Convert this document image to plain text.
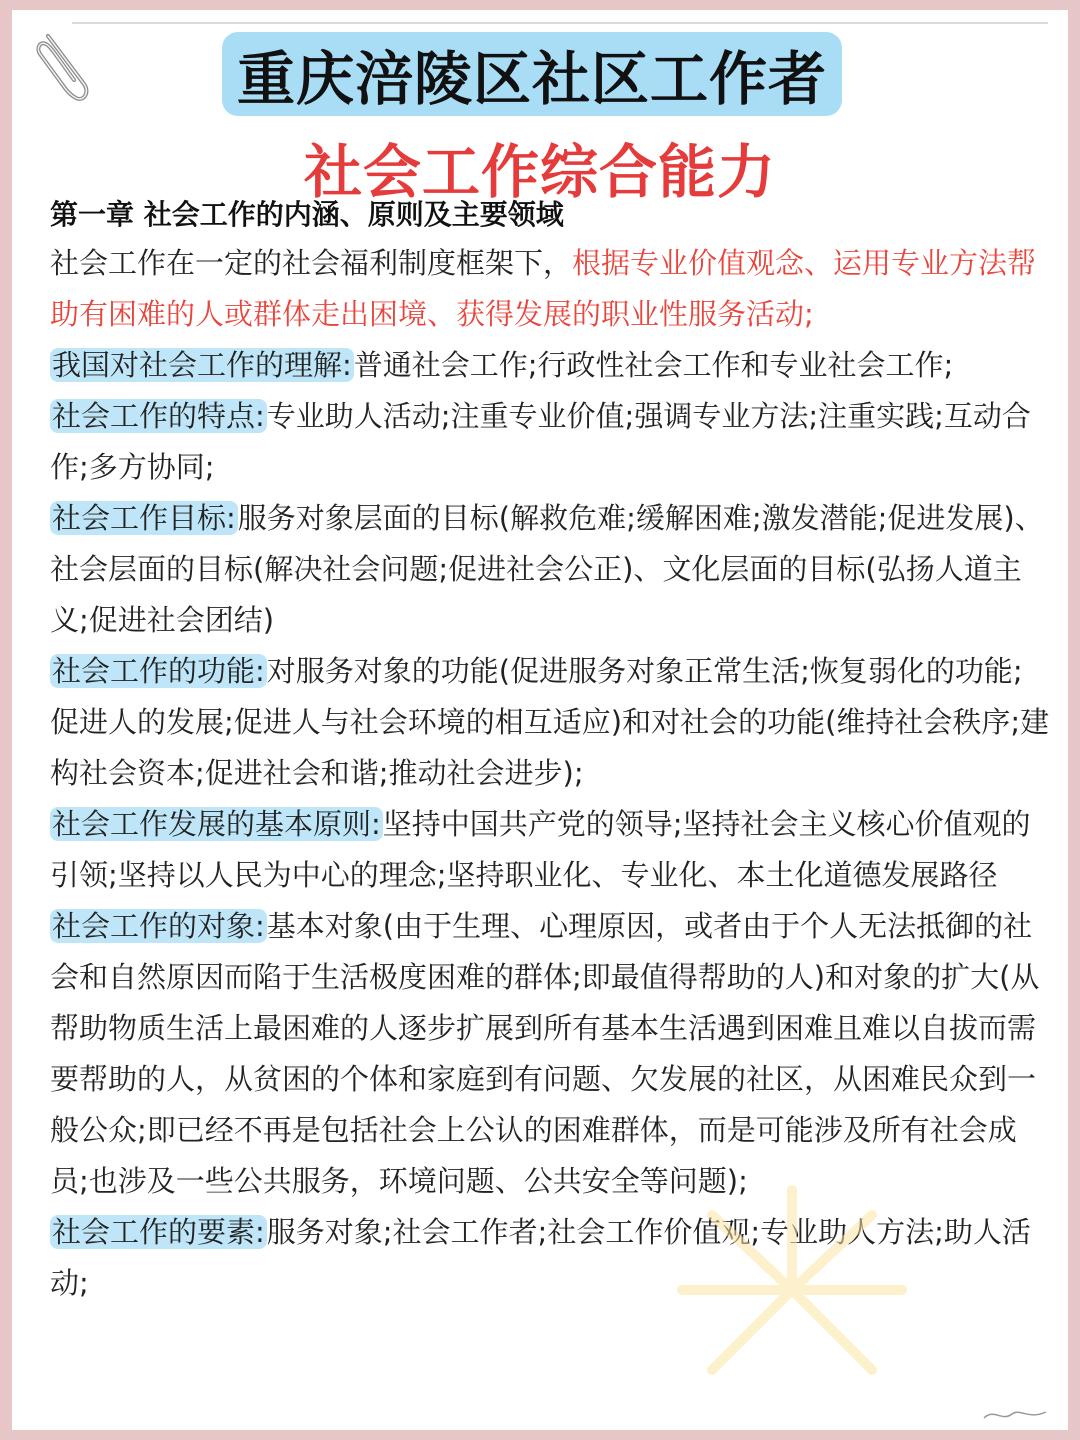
重庆涪陵区社区工作者
社会工作综合能力
第一章 社会工作的内涵、原则及主要领域

社会工作在一定的社会福利制度框架下，根据专业价值观念、运用专业方法帮助有困难的人或群体走出困境、获得发展的职业性服务活动;

我国对社会工作的理解:普通社会工作;行政性社会工作和专业社会工作;

社会工作的特点:专业助人活动;注重专业价值;强调专业方法;注重实践;互动合作;多方协同;

社会工作目标:服务对象层面的目标(解救危难;缓解困难;激发潜能;促进发展)、社会层面的目标(解决社会问题;促进社会公正)、文化层面的目标(弘扬人道主义;促进社会团结)

社会工作的功能:对服务对象的功能(促进服务对象正常生活;恢复弱化的功能;促进人的发展;促进人与社会环境的相互适应)和对社会的功能(维持社会秩序;建构社会资本;促进社会和谐;推动社会进步);

社会工作发展的基本原则:坚持中国共产党的领导;坚持社会主义核心价值观的引领;坚持以人民为中心的理念;坚持职业化、专业化、本土化道德发展路径

社会工作的对象:基本对象(由于生理、心理原因，或者由于个人无法抵御的社会和自然原因而陷于生活极度困难的群体;即最值得帮助的人)和对象的扩大(从帮助物质生活上最困难的人逐步扩展到所有基本生活遇到困难且难以自拔而需要帮助的人，从贫困的个体和家庭到有问题、欠发展的社区，从困难民众到一般公众;即已经不再是包括社会上公认的困难群体，而是可能涉及所有社会成员;也涉及一些公共服务，环境问题、公共安全等问题);

社会工作的要素:服务对象;社会工作者;社会工作价值观;专业助人方法;助人活动;
